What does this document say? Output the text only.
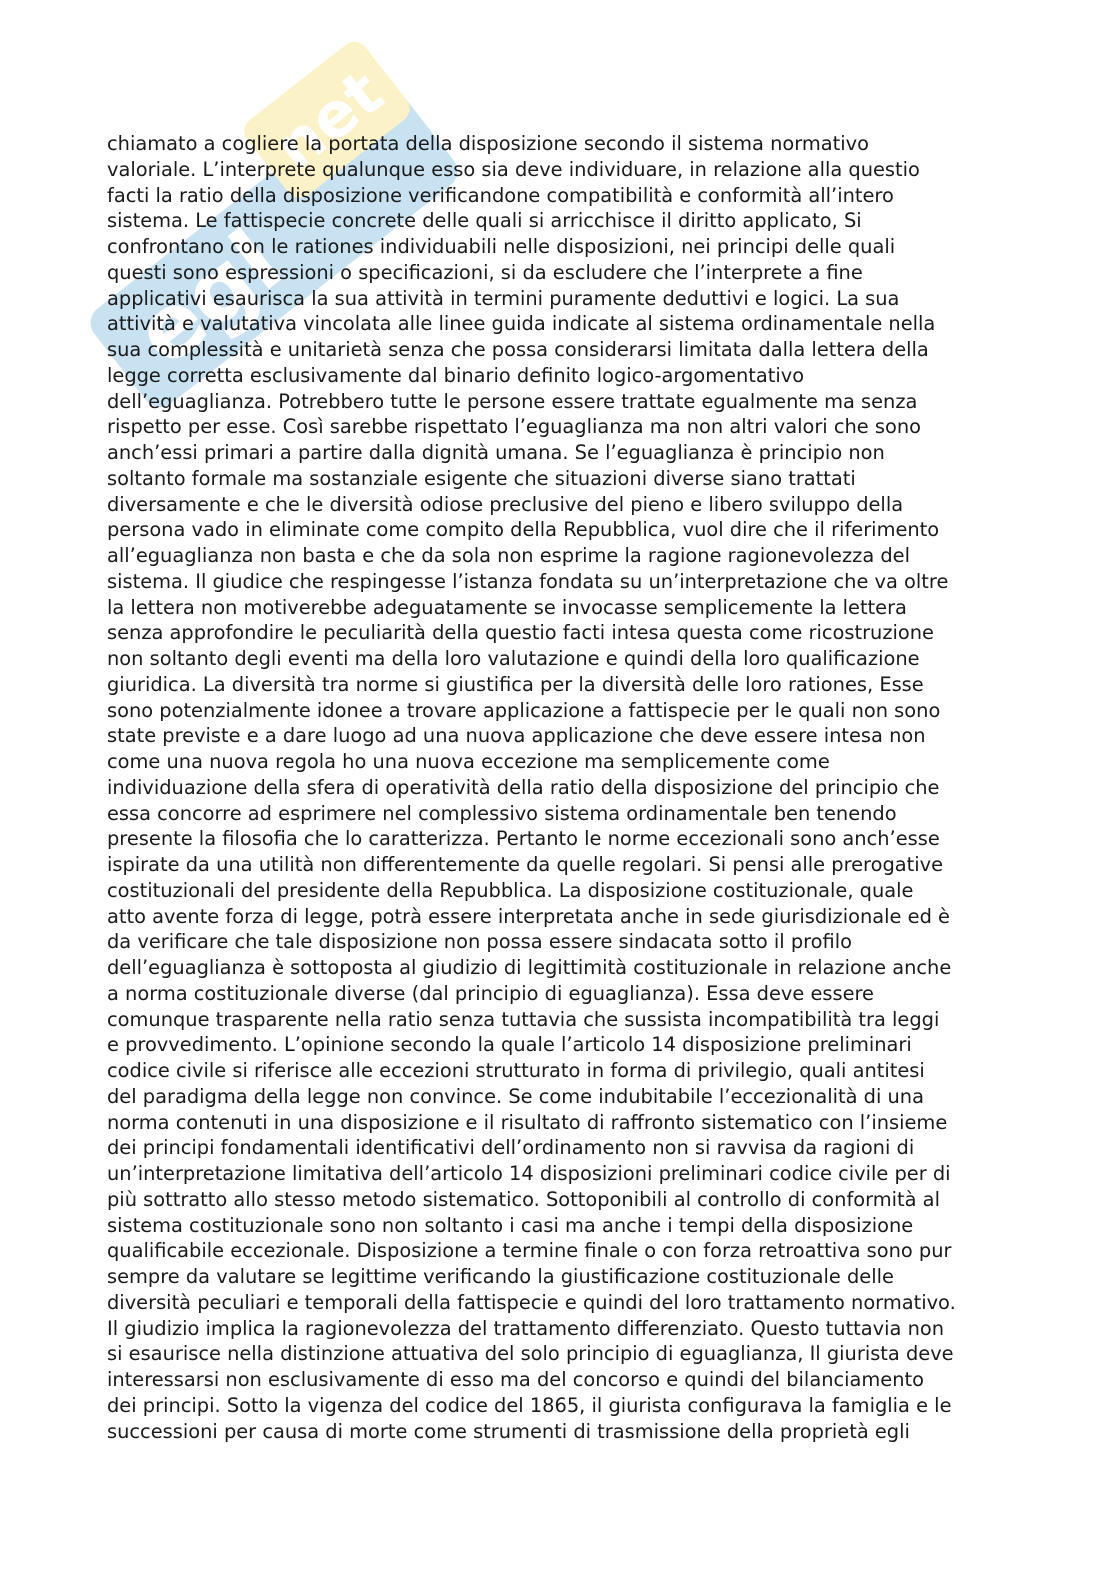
egl
net
chiamato a cogliere la portata della disposizione secondo il sistema normativo
valoriale. L’interprete qualunque esso sia deve individuare, in relazione alla questio
facti la ratio della disposizione verificandone compatibilità e conformità all’intero
sistema. Le fattispecie concrete delle quali si arricchisce il diritto applicato, Si
confrontano con le rationes individuabili nelle disposizioni, nei principi delle quali
questi sono espressioni o specificazioni, si da escludere che l’interprete a fine
applicativi esaurisca la sua attività in termini puramente deduttivi e logici. La sua
attività e valutativa vincolata alle linee guida indicate al sistema ordinamentale nella
sua complessità e unitarietà senza che possa considerarsi limitata dalla lettera della
legge corretta esclusivamente dal binario definito logico-argomentativo
dell’eguaglianza. Potrebbero tutte le persone essere trattate egualmente ma senza
rispetto per esse. Così sarebbe rispettato l’eguaglianza ma non altri valori che sono
anch’essi primari a partire dalla dignità umana. Se l’eguaglianza è principio non
soltanto formale ma sostanziale esigente che situazioni diverse siano trattati
diversamente e che le diversità odiose preclusive del pieno e libero sviluppo della
persona vado in eliminate come compito della Repubblica, vuol dire che il riferimento
all’eguaglianza non basta e che da sola non esprime la ragione ragionevolezza del
sistema. Il giudice che respingesse l’istanza fondata su un’interpretazione che va oltre
la lettera non motiverebbe adeguatamente se invocasse semplicemente la lettera
senza approfondire le peculiarità della questio facti intesa questa come ricostruzione
non soltanto degli eventi ma della loro valutazione e quindi della loro qualificazione
giuridica. La diversità tra norme si giustifica per la diversità delle loro rationes, Esse
sono potenzialmente idonee a trovare applicazione a fattispecie per le quali non sono
state previste e a dare luogo ad una nuova applicazione che deve essere intesa non
come una nuova regola ho una nuova eccezione ma semplicemente come
individuazione della sfera di operatività della ratio della disposizione del principio che
essa concorre ad esprimere nel complessivo sistema ordinamentale ben tenendo
presente la filosofia che lo caratterizza. Pertanto le norme eccezionali sono anch’esse
ispirate da una utilità non differentemente da quelle regolari. Si pensi alle prerogative
costituzionali del presidente della Repubblica. La disposizione costituzionale, quale
atto avente forza di legge, potrà essere interpretata anche in sede giurisdizionale ed è
da verificare che tale disposizione non possa essere sindacata sotto il profilo
dell’eguaglianza è sottoposta al giudizio di legittimità costituzionale in relazione anche
a norma costituzionale diverse (dal principio di eguaglianza). Essa deve essere
comunque trasparente nella ratio senza tuttavia che sussista incompatibilità tra leggi
e provvedimento. L’opinione secondo la quale l’articolo 14 disposizione preliminari
codice civile si riferisce alle eccezioni strutturato in forma di privilegio, quali antitesi
del paradigma della legge non convince. Se come indubitabile l’eccezionalità di una
norma contenuti in una disposizione e il risultato di raffronto sistematico con l’insieme
dei principi fondamentali identificativi dell’ordinamento non si ravvisa da ragioni di
un’interpretazione limitativa dell’articolo 14 disposizioni preliminari codice civile per di
più sottratto allo stesso metodo sistematico. Sottoponibili al controllo di conformità al
sistema costituzionale sono non soltanto i casi ma anche i tempi della disposizione
qualificabile eccezionale. Disposizione a termine finale o con forza retroattiva sono pur
sempre da valutare se legittime verificando la giustificazione costituzionale delle
diversità peculiari e temporali della fattispecie e quindi del loro trattamento normativo.
Il giudizio implica la ragionevolezza del trattamento differenziato. Questo tuttavia non
si esaurisce nella distinzione attuativa del solo principio di eguaglianza, Il giurista deve
interessarsi non esclusivamente di esso ma del concorso e quindi del bilanciamento
dei principi. Sotto la vigenza del codice del 1865, il giurista configurava la famiglia e le
successioni per causa di morte come strumenti di trasmissione della proprietà egli
